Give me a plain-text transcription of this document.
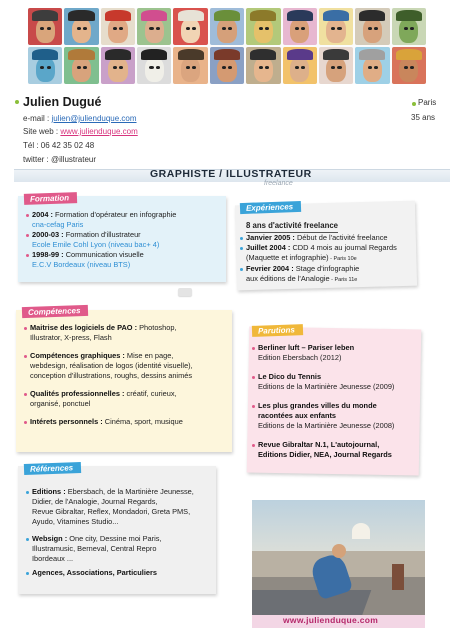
Julien Dugué
e-mail : julien@julienduque.com
Site web : www.julienduque.com
Tél : 06 42 35 02 48
twitter : @illustrateur
Paris
35 ans
GRAPHISTE / ILLUSTRATEUR
freelance
Formation
2004 : Formation d'opérateur en infographie
cna-cefag Paris
2000-03 : Formation d'illustrateur
Ecole Emile Cohl Lyon (niveau bac+ 4)
1998-99 : Communication visuelle
E.C.V Bordeaux (niveau BTS)
Expériences
8 ans d'activité freelance
Janvier 2005 : Début de l'activité freelance
Juillet 2004 : CDD 4 mois au journal Regards
(Maquette et infographie) - Paris 10e
Fevrier 2004 : Stage d'infographie
aux éditions de l'Analogie - Paris 11e
Compétences
Maitrise des logiciels de PAO : Photoshop,
Illustrator, X-press, Flash
Compétences graphiques : Mise en page,
webdesign, réalisation de logos (identité visuelle),
conception d'illustrations, roughs, dessins animés
Qualités professionnelles : créatif, curieux,
organisé, ponctuel
Intérets personnels : Cinéma, sport, musique
Parutions
Berliner luft – Pariser leben
Edition Ebersbach (2012)
Le Dico du Tennis
Editions de la Martinière Jeunesse (2009)
Les plus grandes villes du monde
racontées aux enfants
Editions de la Martinière Jeunesse (2008)
Revue Gibraltar N.1, L'autojournal,
Editions Didier, NEA, Journal Regards
Références
Editions : Ebersbach, de la Martinière Jeunesse,
Didier, de l'Analogie, Journal Regards,
Revue Gibraltar, Reflex, Mondadori, Greta PMS,
Ayudo, Vitamines Studio...
Websign : One city, Dessine moi Paris,
Illustramusic, Berneval, Central Repro
Ibordeaux ...
Agences, Associations, Particuliers
www.julienduque.com
